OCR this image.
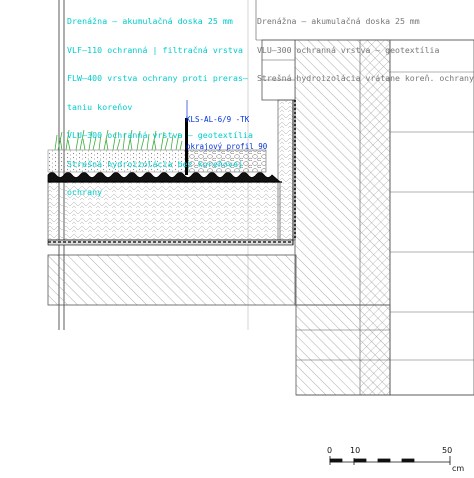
Drenážna – akumulačná doska 25 mm

VLF–110 ochranná | filtračná vrstva

FLW–400 vrstva ochrany proti preras–

taniu koreňov

VLU–300 ochranná vrstva – geotextília

Strešná hydroizolácia bez koreňovej

ochrany

Drenážna – akumulačná doska 25 mm

VLU–300 ochranná vrstva – geotextília

Strešná hydroizolácia vrátane koreň. ochrany

KLS-AL-6/9 -TK

okrajový profil 90

0 10	50
cm
